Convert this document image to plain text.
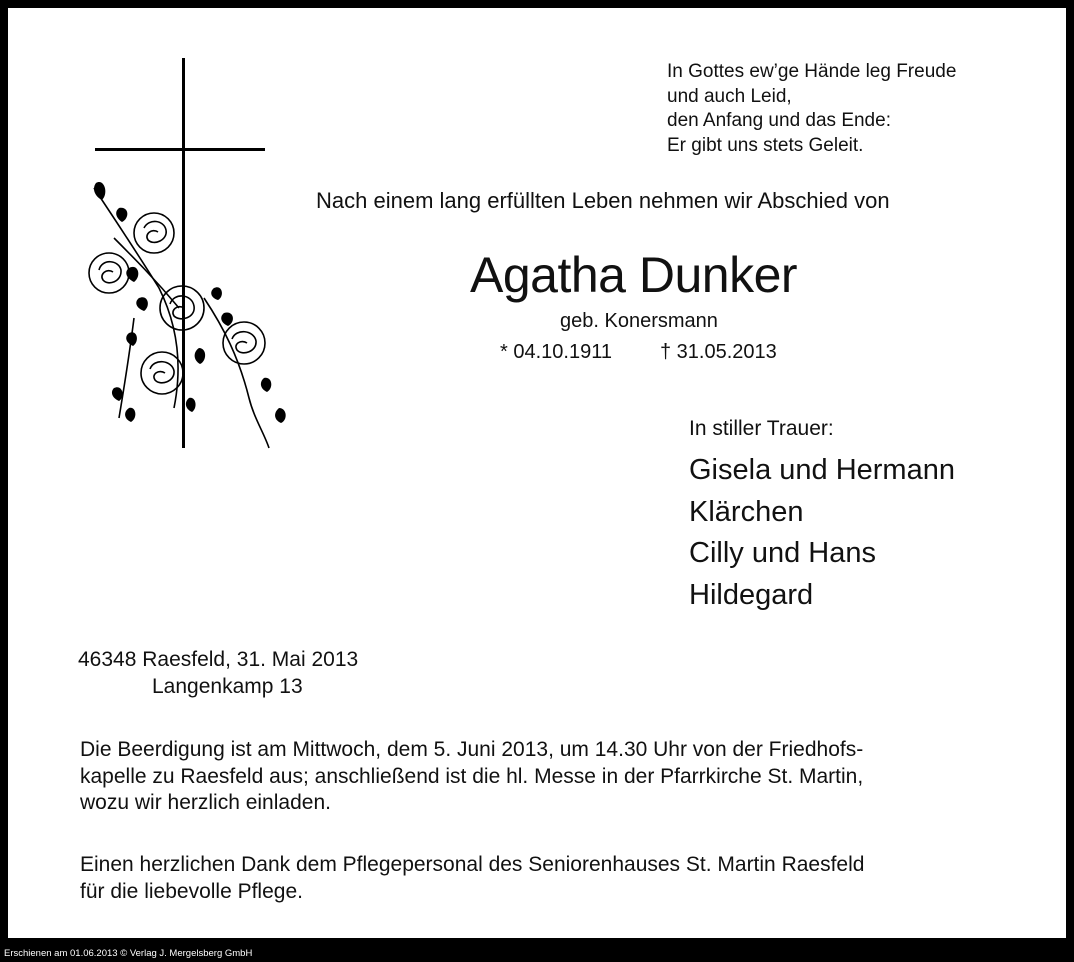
In Gottes ew’ge Hände leg Freude
und auch Leid,
den Anfang und das Ende:
Er gibt uns stets Geleit.
Nach einem lang erfüllten Leben nehmen wir Abschied von
Agatha Dunker
geb. Konersmann
* 04.10.1911 † 31.05.2013
In stiller Trauer:
Gisela und Hermann
Klärchen
Cilly und Hans
Hildegard
46348 Raesfeld, 31. Mai 2013
Langenkamp 13
Die Beerdigung ist am Mittwoch, dem 5. Juni 2013, um 14.30 Uhr von der Friedhofs-
kapelle zu Raesfeld aus; anschließend ist die hl. Messe in der Pfarrkirche St. Martin,
wozu wir herzlich einladen.
Einen herzlichen Dank dem Pflegepersonal des Seniorenhauses St. Martin Raesfeld
für die liebevolle Pflege.
Erschienen am 01.06.2013 © Verlag J. Mergelsberg GmbH
